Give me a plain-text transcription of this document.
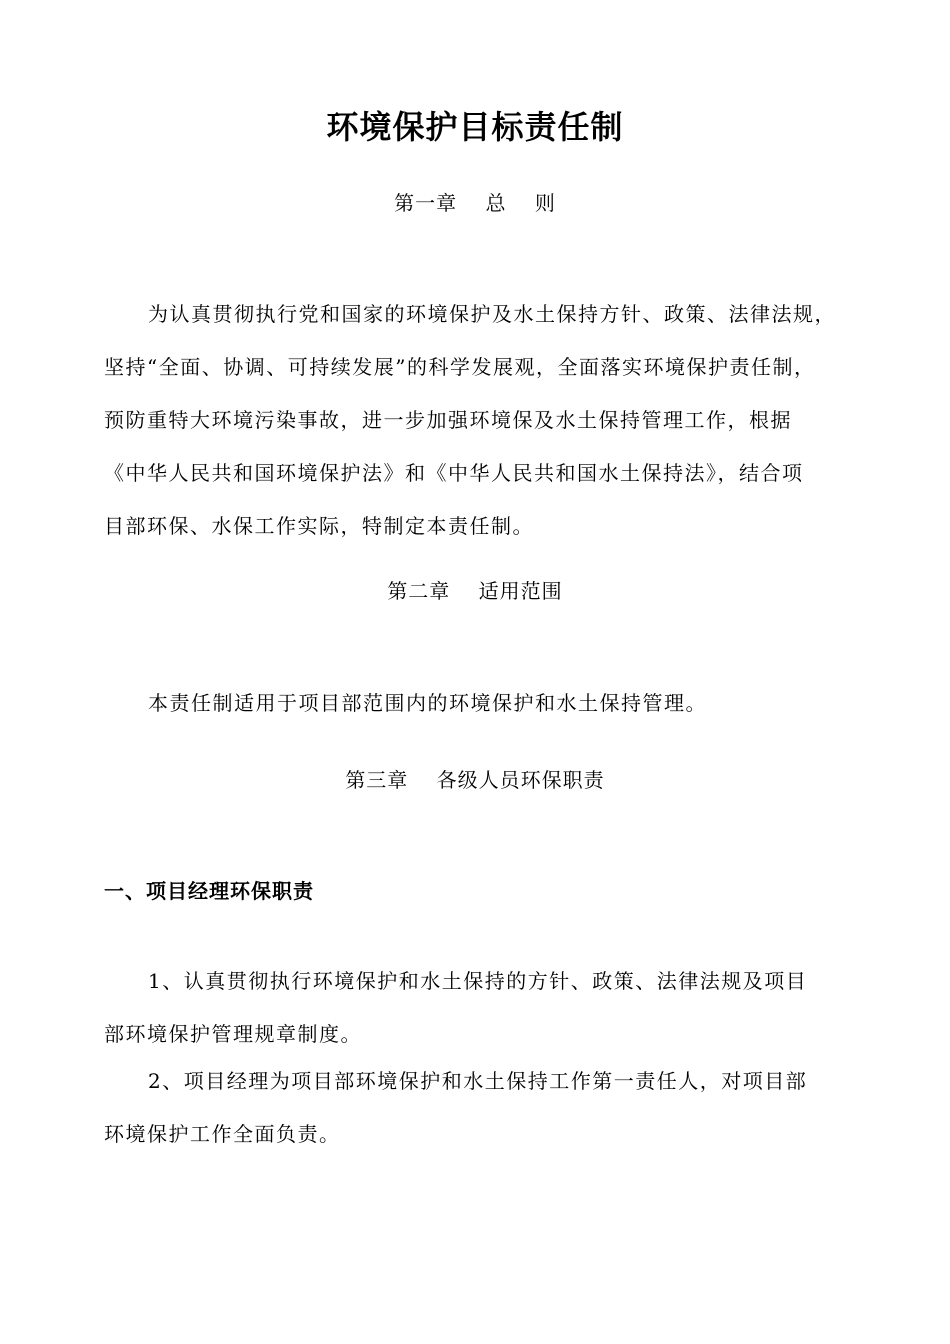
环境保护目标责任制
第一章　 总　 则
为认真贯彻执行党和国家的环境保护及水土保持方针、政策、法律法规，
坚持“全面、协调、可持续发展”的科学发展观，全面落实环境保护责任制，
预防重特大环境污染事故，进一步加强环境保及水土保持管理工作，根据
《中华人民共和国环境保护法》和《中华人民共和国水土保持法》，结合项
目部环保、水保工作实际，特制定本责任制。
第二章　 适用范围
本责任制适用于项目部范围内的环境保护和水土保持管理。
第三章　 各级人员环保职责
一、项目经理环保职责
1、认真贯彻执行环境保护和水土保持的方针、政策、法律法规及项目
部环境保护管理规章制度。
2、项目经理为项目部环境保护和水土保持工作第一责任人，对项目部
环境保护工作全面负责。
